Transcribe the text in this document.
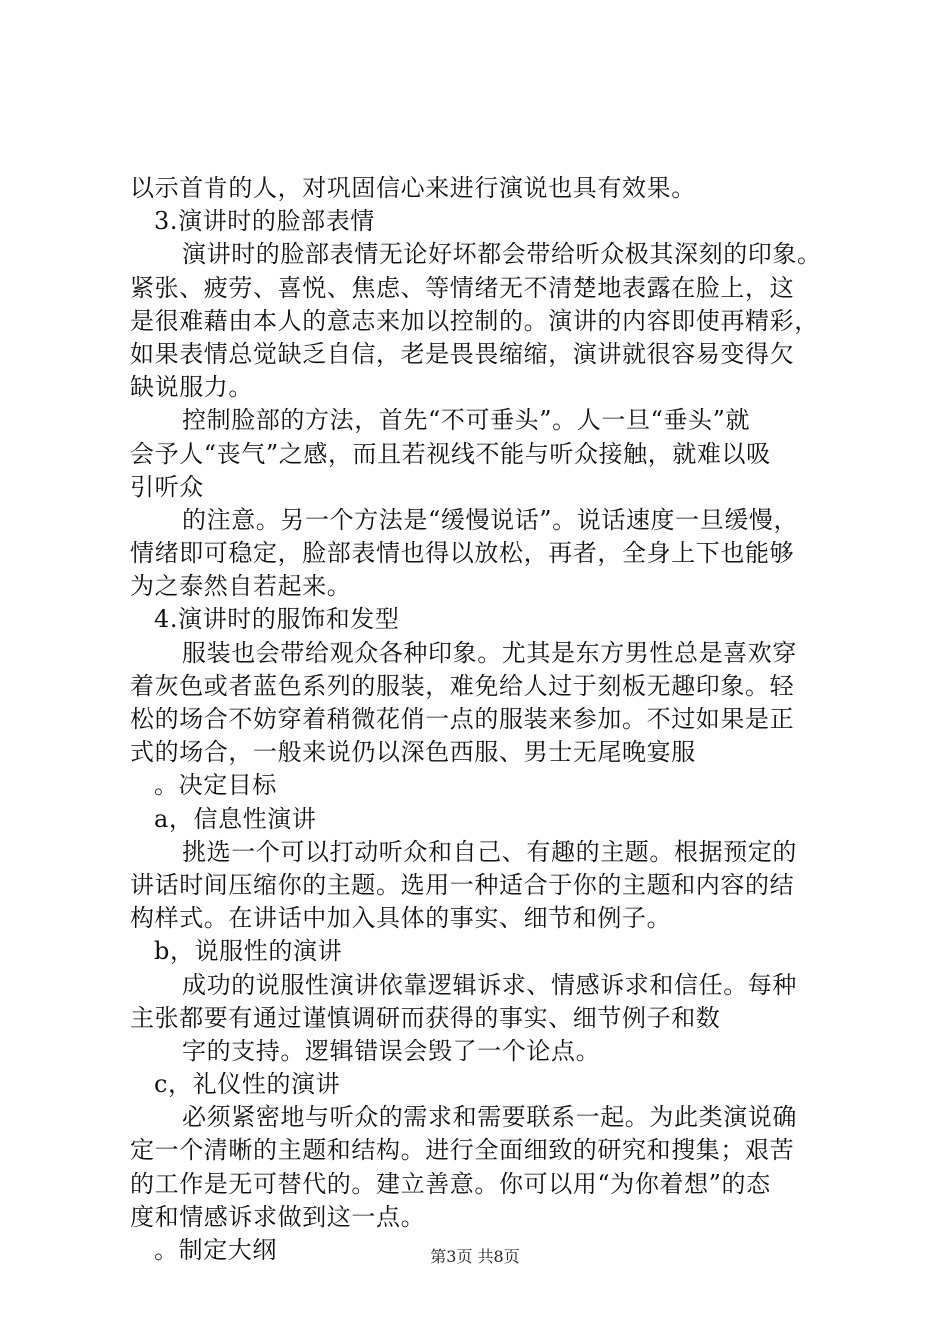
以示首肯的人，对巩固信心来进行演说也具有效果。
3.演讲时的脸部表情
演讲时的脸部表情无论好坏都会带给听众极其深刻的印象。
紧张、疲劳、喜悦、焦虑、等情绪无不清楚地表露在脸上，这
是很难藉由本人的意志来加以控制的。演讲的内容即使再精彩，
如果表情总觉缺乏自信，老是畏畏缩缩，演讲就很容易变得欠
缺说服力。
控制脸部的方法，首先“不可垂头”。人一旦“垂头”就
会予人“丧气”之感，而且若视线不能与听众接触，就难以吸
引听众
的注意。另一个方法是“缓慢说话”。说话速度一旦缓慢，
情绪即可稳定，脸部表情也得以放松，再者，全身上下也能够
为之泰然自若起来。
4.演讲时的服饰和发型
服装也会带给观众各种印象。尤其是东方男性总是喜欢穿
着灰色或者蓝色系列的服装，难免给人过于刻板无趣印象。轻
松的场合不妨穿着稍微花俏一点的服装来参加。不过如果是正
式的场合，一般来说仍以深色西服、男士无尾晚宴服
。决定目标
a，信息性演讲
挑选一个可以打动听众和自己、有趣的主题。根据预定的
讲话时间压缩你的主题。选用一种适合于你的主题和内容的结
构样式。在讲话中加入具体的事实、细节和例子。
b，说服性的演讲
成功的说服性演讲依靠逻辑诉求、情感诉求和信任。每种
主张都要有通过谨慎调研而获得的事实、细节例子和数
字的支持。逻辑错误会毁了一个论点。
c，礼仪性的演讲
必须紧密地与听众的需求和需要联系一起。为此类演说确
定一个清晰的主题和结构。进行全面细致的研究和搜集；艰苦
的工作是无可替代的。建立善意。你可以用“为你着想”的态
度和情感诉求做到这一点。
。制定大纲	第3页 共8页
